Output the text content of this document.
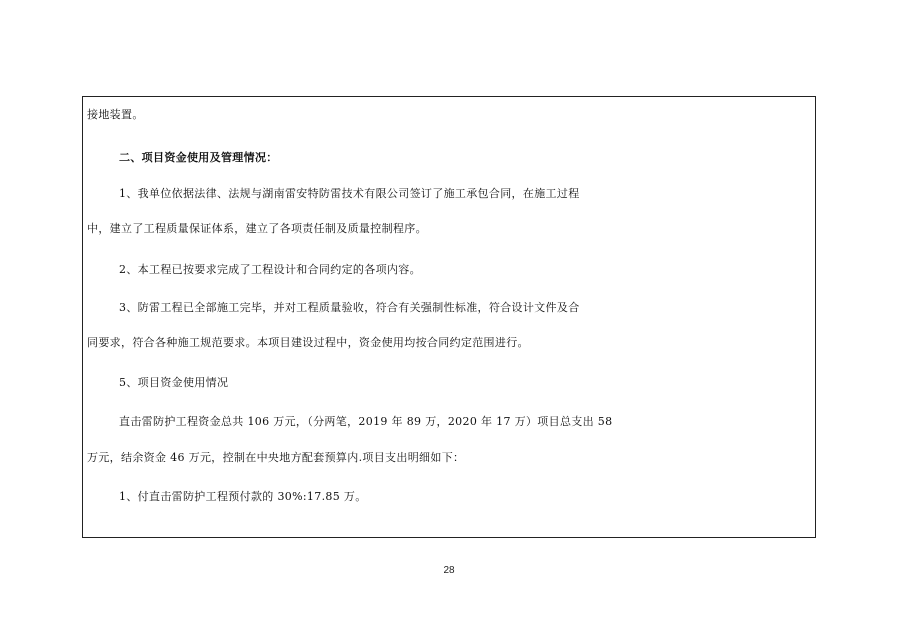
接地装置。
二、项目资金使用及管理情况：
1、我单位依据法律、法规与湖南雷安特防雷技术有限公司签订了施工承包合同，在施工过程
中，建立了工程质量保证体系，建立了各项责任制及质量控制程序。
2、本工程已按要求完成了工程设计和合同约定的各项内容。
3、防雷工程已全部施工完毕，并对工程质量验收，符合有关强制性标准，符合设计文件及合
同要求，符合各种施工规范要求。本项目建设过程中，资金使用均按合同约定范围进行。
5、项目资金使用情况
直击雷防护工程资金总共 106 万元，（分两笔，2019 年 89 万，2020 年 17 万）项目总支出 58
万元，结余资金 46 万元，控制在中央地方配套预算内.项目支出明细如下：
1、付直击雷防护工程预付款的 30%:17.85 万。
28
